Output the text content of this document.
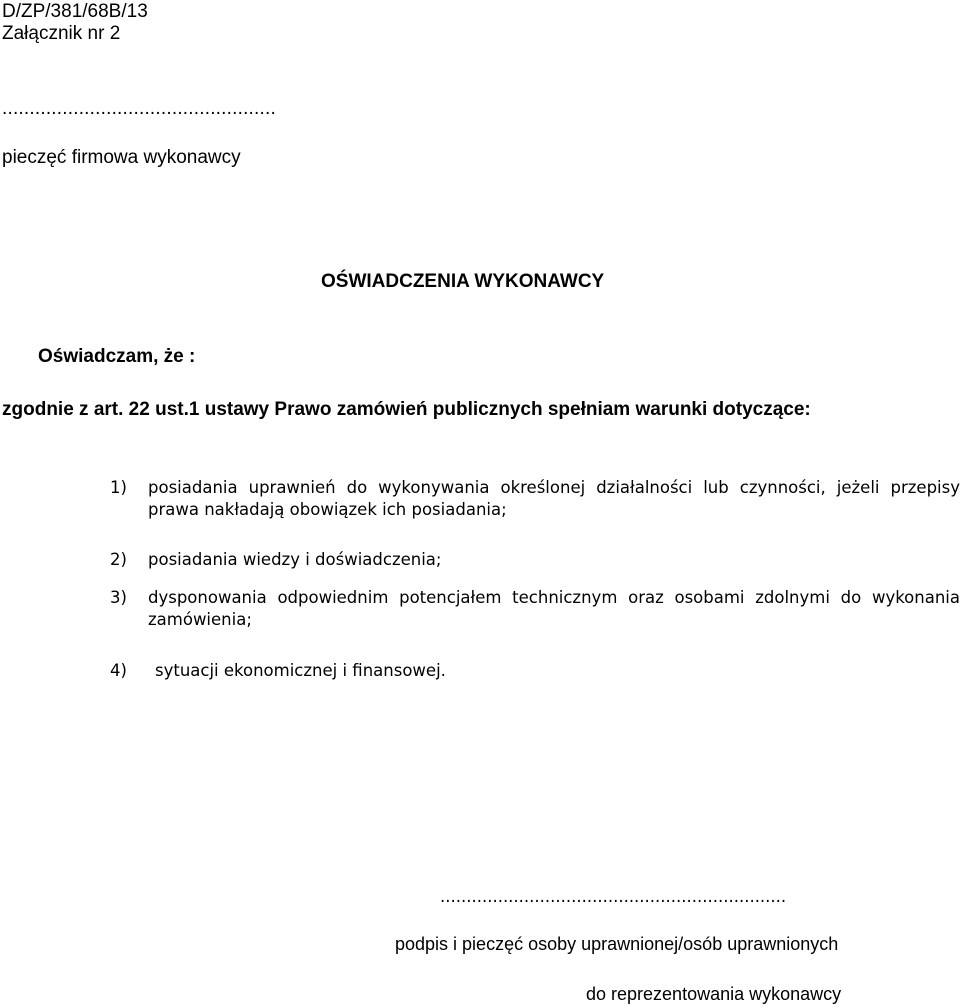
D/ZP/381/68B/13
Załącznik nr 2
..................................................
pieczęć firmowa wykonawcy
OŚWIADCZENIA WYKONAWCY
Oświadczam, że :
zgodnie z art. 22 ust.1 ustawy Prawo zamówień publicznych spełniam warunki dotyczące:
1) posiadania uprawnień do wykonywania określonej działalności lub czynności, jeżeli przepisy prawa nakładają obowiązek ich posiadania;
2) posiadania wiedzy i doświadczenia;
3) dysponowania odpowiednim potencjałem technicznym oraz osobami zdolnymi do wykonania zamówienia;
4) sytuacji ekonomicznej i finansowej.
..................................................................
podpis i pieczęć osoby uprawnionej/osób uprawnionych
do reprezentowania wykonawcy
